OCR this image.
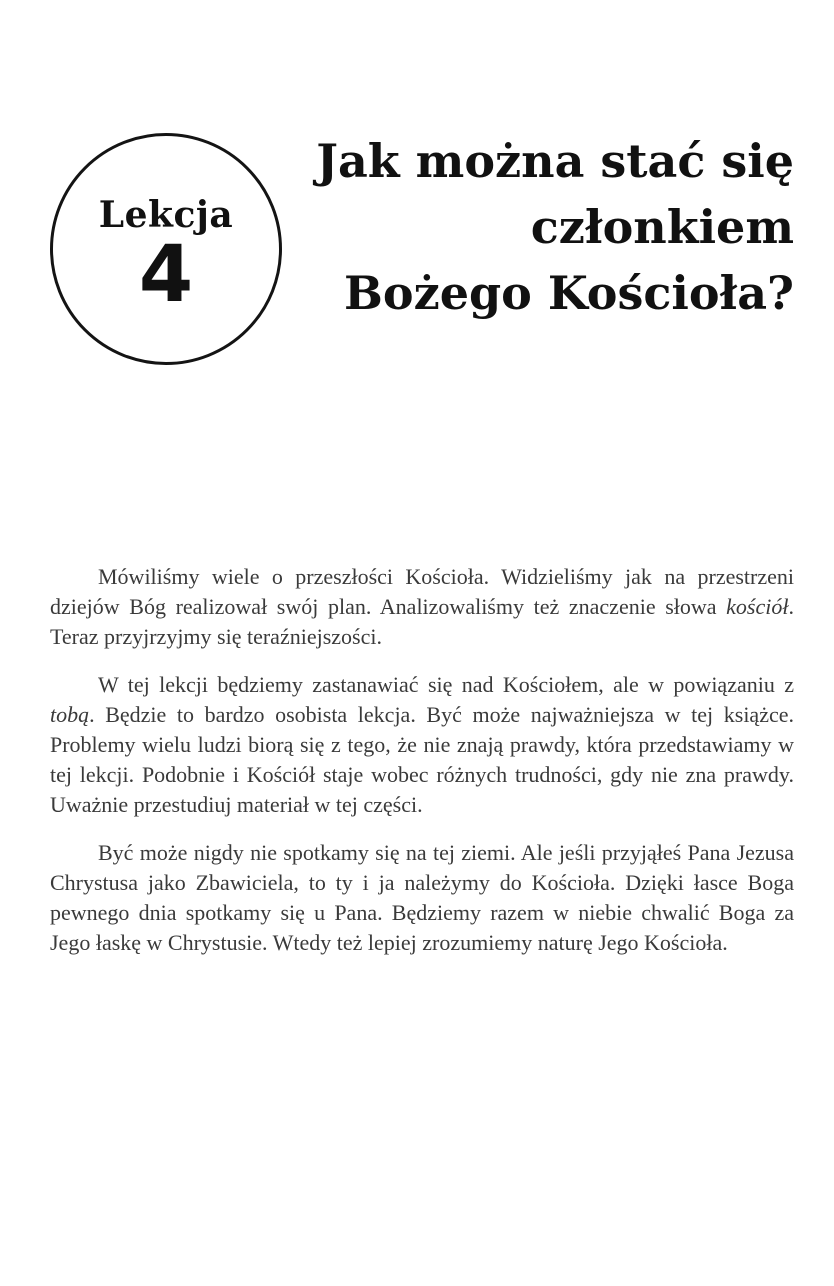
Lekcja
4
Jak można stać się
członkiem
Bożego Kościoła?

Mówiliśmy wiele o przeszłości Kościoła. Widzieliśmy jak na przestrzeni dziejów Bóg realizował swój plan. Analizowaliśmy też znaczenie słowa kościół. Teraz przyjrzyjmy się teraźniejszości.

W tej lekcji będziemy zastanawiać się nad Kościołem, ale w powiązaniu z tobą. Będzie to bardzo osobista lekcja. Być może najważniejsza w tej książce. Problemy wielu ludzi biorą się z tego, że nie znają prawdy, która przedstawiamy w tej lekcji. Podobnie i Kościół staje wobec różnych trudności, gdy nie zna prawdy. Uważnie przestudiuj materiał w tej części.

Być może nigdy nie spotkamy się na tej ziemi. Ale jeśli przyjąłeś Pana Jezusa Chrystusa jako Zbawiciela, to ty i ja należymy do Kościoła. Dzięki łasce Boga pewnego dnia spotkamy się u Pana. Będziemy razem w niebie chwalić Boga za Jego łaskę w Chrystusie. Wtedy też lepiej zrozumiemy naturę Jego Kościoła.
